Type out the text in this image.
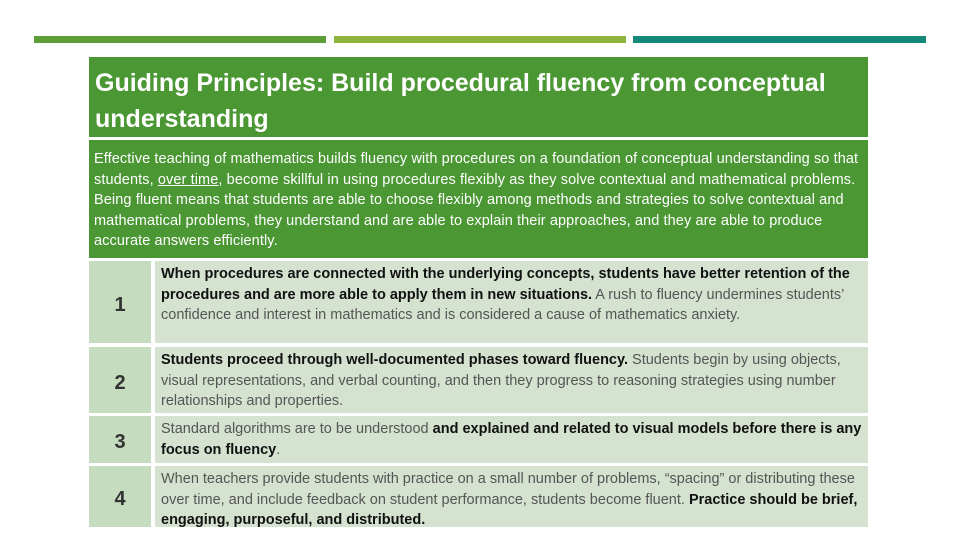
Guiding Principles: Build procedural fluency from conceptual understanding
Effective teaching of mathematics builds fluency with procedures on a foundation of conceptual understanding so that students, over time, become skillful in using procedures flexibly as they solve contextual and mathematical problems. Being fluent means that students are able to choose flexibly among methods and strategies to solve contextual and mathematical problems, they understand and are able to explain their approaches, and they are able to produce accurate answers efficiently.
1
When procedures are connected with the underlying concepts, students have better retention of the procedures and are more able to apply them in new situations. A rush to fluency undermines students’ confidence and interest in mathematics and is considered a cause of mathematics anxiety.
2
Students proceed through well-documented phases toward fluency. Students begin by using objects, visual representations, and verbal counting, and then they progress to reasoning strategies using number relationships and properties.
3
Standard algorithms are to be understood and explained and related to visual models before there is any focus on fluency.
4
When teachers provide students with practice on a small number of problems, “spacing” or distributing these over time, and include feedback on student performance, students become fluent. Practice should be brief, engaging, purposeful, and distributed.
